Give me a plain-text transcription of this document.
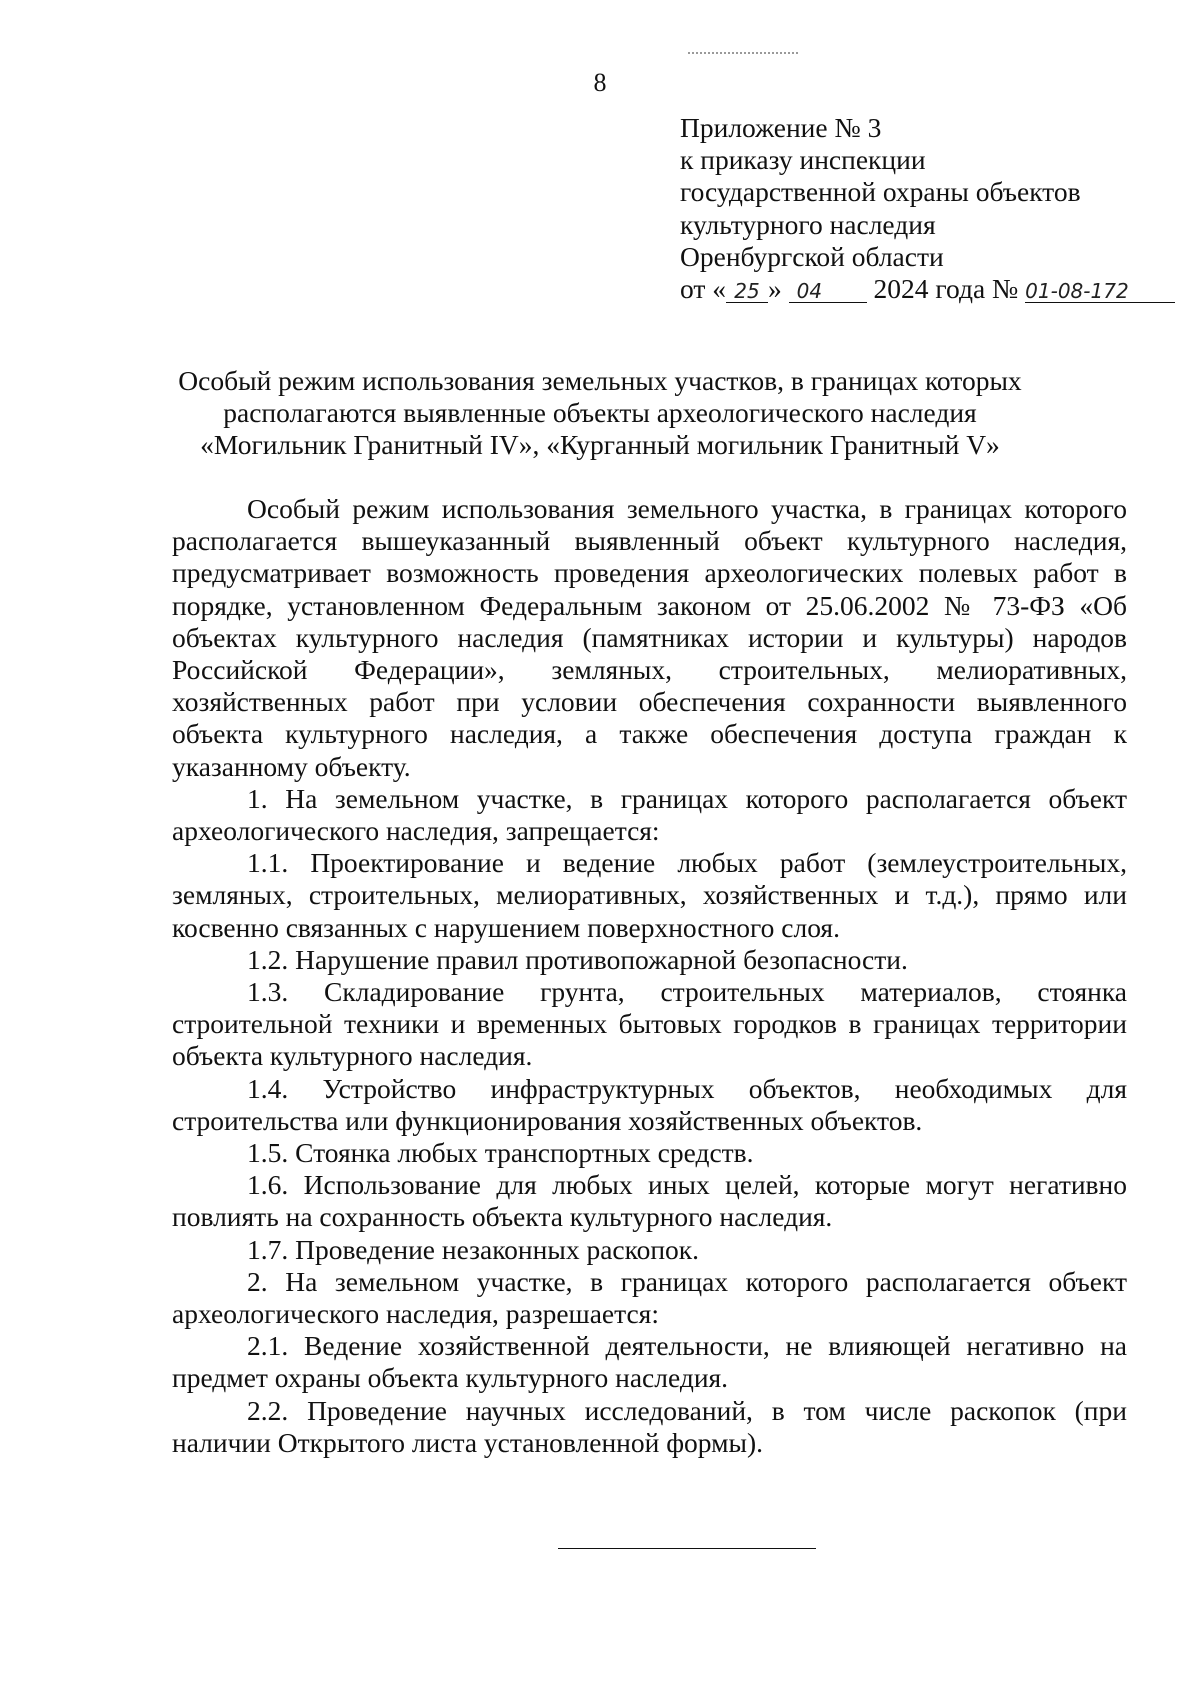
8
Приложение № 3
к приказу инспекции
государственной охраны объектов
культурного наследия
Оренбургской области
от « 25 » 04 2024 года № 01-08-172
Особый режим использования земельных участков, в границах которых
располагаются выявленные объекты археологического наследия
«Могильник Гранитный IV», «Курганный могильник Гранитный V»

Особый режим использования земельного участка, в границах которого располагается вышеуказанный выявленный объект культурного наследия, предусматривает возможность проведения археологических полевых работ в порядке, установленном Федеральным законом от 25.06.2002 № 73-ФЗ «Об объектах культурного наследия (памятниках истории и культуры) народов Российской Федерации», земляных, строительных, мелиоративных, хозяйственных работ при условии обеспечения сохранности выявленного объекта культурного наследия, а также обеспечения доступа граждан к указанному объекту.

1. На земельном участке, в границах которого располагается объект археологического наследия, запрещается:

1.1. Проектирование и ведение любых работ (землеустроительных, земляных, строительных, мелиоративных, хозяйственных и т.д.), прямо или косвенно связанных с нарушением поверхностного слоя.

1.2. Нарушение правил противопожарной безопасности.

1.3. Складирование грунта, строительных материалов, стоянка строительной техники и временных бытовых городков в границах территории объекта культурного наследия.

1.4. Устройство инфраструктурных объектов, необходимых для строительства или функционирования хозяйственных объектов.

1.5. Стоянка любых транспортных средств.

1.6. Использование для любых иных целей, которые могут негативно повлиять на сохранность объекта культурного наследия.

1.7. Проведение незаконных раскопок.

2. На земельном участке, в границах которого располагается объект археологического наследия, разрешается:

2.1. Ведение хозяйственной деятельности, не влияющей негативно на предмет охраны объекта культурного наследия.

2.2. Проведение научных исследований, в том числе раскопок (при наличии Открытого листа установленной формы).
